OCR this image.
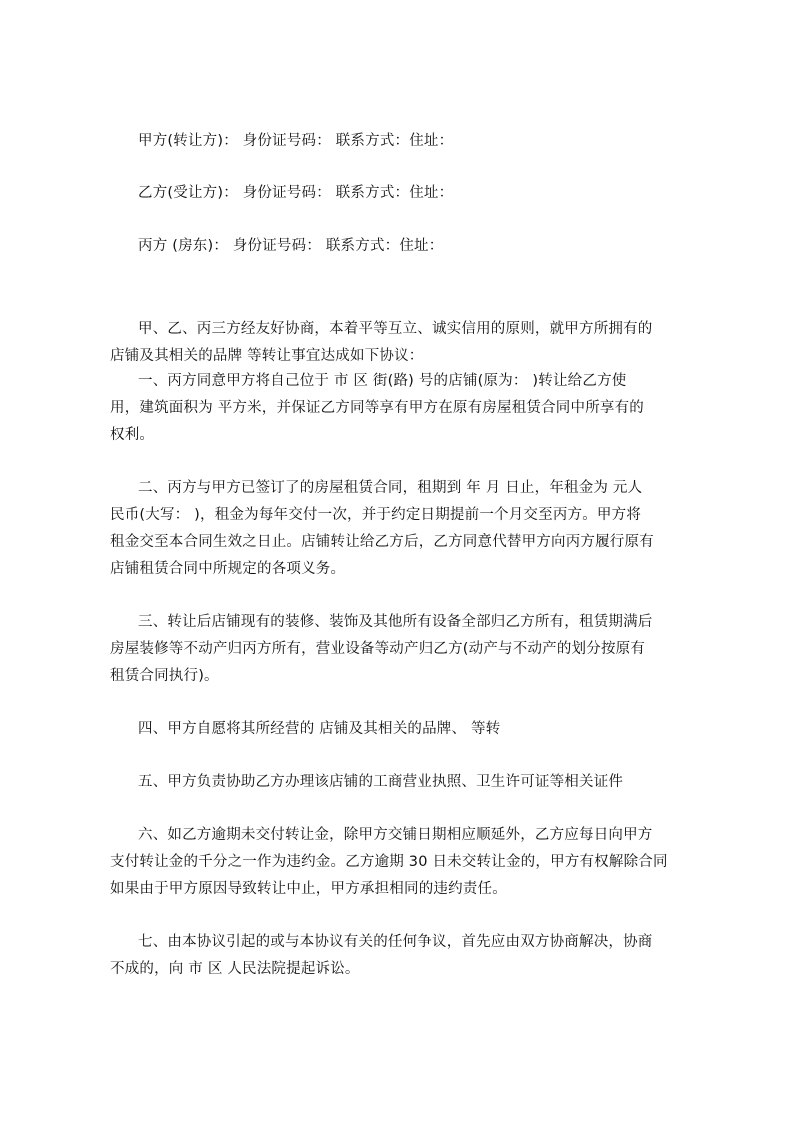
甲方(转让方)： 身份证号码： 联系方式：住址：
乙方(受让方)： 身份证号码： 联系方式：住址：
丙方 (房东)： 身份证号码： 联系方式：住址：
甲、乙、丙三方经友好协商，本着平等互立、诚实信用的原则，就甲方所拥有的
店铺及其相关的品牌 等转让事宜达成如下协议：
一、丙方同意甲方将自己位于 市 区 街(路) 号的店铺(原为： )转让给乙方使
用，建筑面积为 平方米，并保证乙方同等享有甲方在原有房屋租赁合同中所享有的
权利。
二、丙方与甲方已签订了的房屋租赁合同，租期到 年 月 日止，年租金为 元人
民币(大写： )，租金为每年交付一次，并于约定日期提前一个月交至丙方。甲方将
租金交至本合同生效之日止。店铺转让给乙方后，乙方同意代替甲方向丙方履行原有
店铺租赁合同中所规定的各项义务。
三、转让后店铺现有的装修、装饰及其他所有设备全部归乙方所有，租赁期满后
房屋装修等不动产归丙方所有，营业设备等动产归乙方(动产与不动产的划分按原有
租赁合同执行)。
四、甲方自愿将其所经营的 店铺及其相关的品牌、 等转
五、甲方负责协助乙方办理该店铺的工商营业执照、卫生许可证等相关证件
六、如乙方逾期未交付转让金，除甲方交铺日期相应顺延外，乙方应每日向甲方
支付转让金的千分之一作为违约金。乙方逾期 30 日未交转让金的，甲方有权解除合同
如果由于甲方原因导致转让中止，甲方承担相同的违约责任。
七、由本协议引起的或与本协议有关的任何争议，首先应由双方协商解决，协商
不成的，向 市 区 人民法院提起诉讼。
